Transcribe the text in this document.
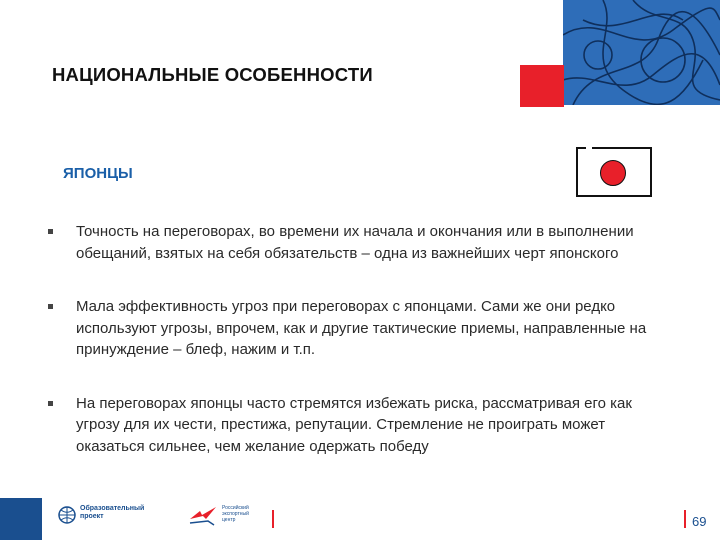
НАЦИОНАЛЬНЫЕ ОСОБЕННОСТИ
ЯПОНЦЫ
Точность на переговорах, во времени их начала и окончания или в выполнении обещаний, взятых на себя обязательств – одна из важнейших черт японского
Мала эффективность угроз при переговорах с японцами. Сами же они редко используют угрозы, впрочем, как и другие тактические приемы, направленные на принуждение – блеф, нажим и т.п.
На переговорах японцы часто стремятся избежать риска, рассматривая его как угрозу для их чести, престижа, репутации. Стремление не проиграть может оказаться сильнее, чем желание одержать победу
Образовательный проект
Российский экспортный центр	69
